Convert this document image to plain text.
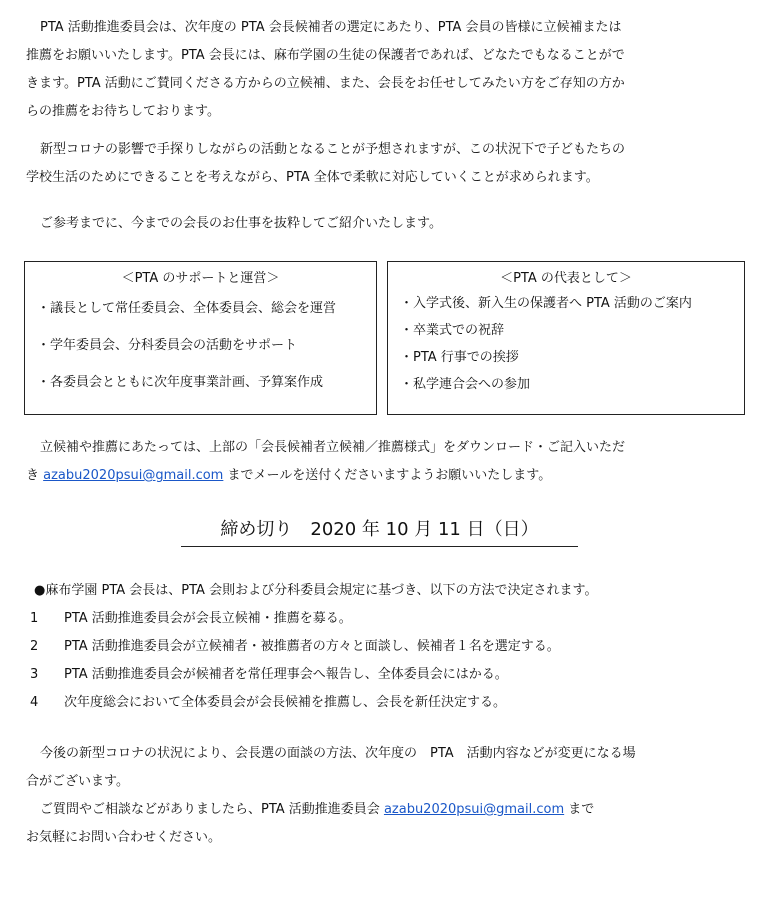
PTA 活動推進委員会は、次年度の PTA 会長候補者の選定にあたり、PTA 会員の皆様に立候補または
推薦をお願いいたします。PTA 会長には、麻布学園の生徒の保護者であれば、どなたでもなることがで
きます。PTA 活動にご賛同くださる方からの立候補、また、会長をお任せしてみたい方をご存知の方か
らの推薦をお待ちしております。
新型コロナの影響で手探りしながらの活動となることが予想されますが、この状況下で子どもたちの
学校生活のためにできることを考えながら、PTA 全体で柔軟に対応していくことが求められます。
ご参考までに、今までの会長のお仕事を抜粋してご紹介いたします。
＜PTA のサポートと運営＞
・議長として常任委員会、全体委員会、総会を運営
・学年委員会、分科委員会の活動をサポート
・各委員会とともに次年度事業計画、予算案作成
＜PTA の代表として＞
・入学式後、新入生の保護者へ PTA 活動のご案内
・卒業式での祝辞
・PTA 行事での挨拶
・私学連合会への参加
立候補や推薦にあたっては、上部の「会長候補者立候補／推薦様式」をダウンロード・ご記入いただ
き azabu2020psui@gmail.com までメールを送付くださいますようお願いいたします。
締め切り　2020 年 10 月 11 日（日）
●麻布学園 PTA 会長は、PTA 会則および分科委員会規定に基づき、以下の方法で決定されます。
1 PTA 活動推進委員会が会長立候補・推薦を募る。
2 PTA 活動推進委員会が立候補者・被推薦者の方々と面談し、候補者１名を選定する。
3 PTA 活動推進委員会が候補者を常任理事会へ報告し、全体委員会にはかる。
4 次年度総会において全体委員会が会長候補を推薦し、会長を新任決定する。
今後の新型コロナの状況により、会長選の面談の方法、次年度の　PTA　活動内容などが変更になる場
合がございます。
ご質問やご相談などがありましたら、PTA 活動推進委員会 azabu2020psui@gmail.com まで
お気軽にお問い合わせください。
